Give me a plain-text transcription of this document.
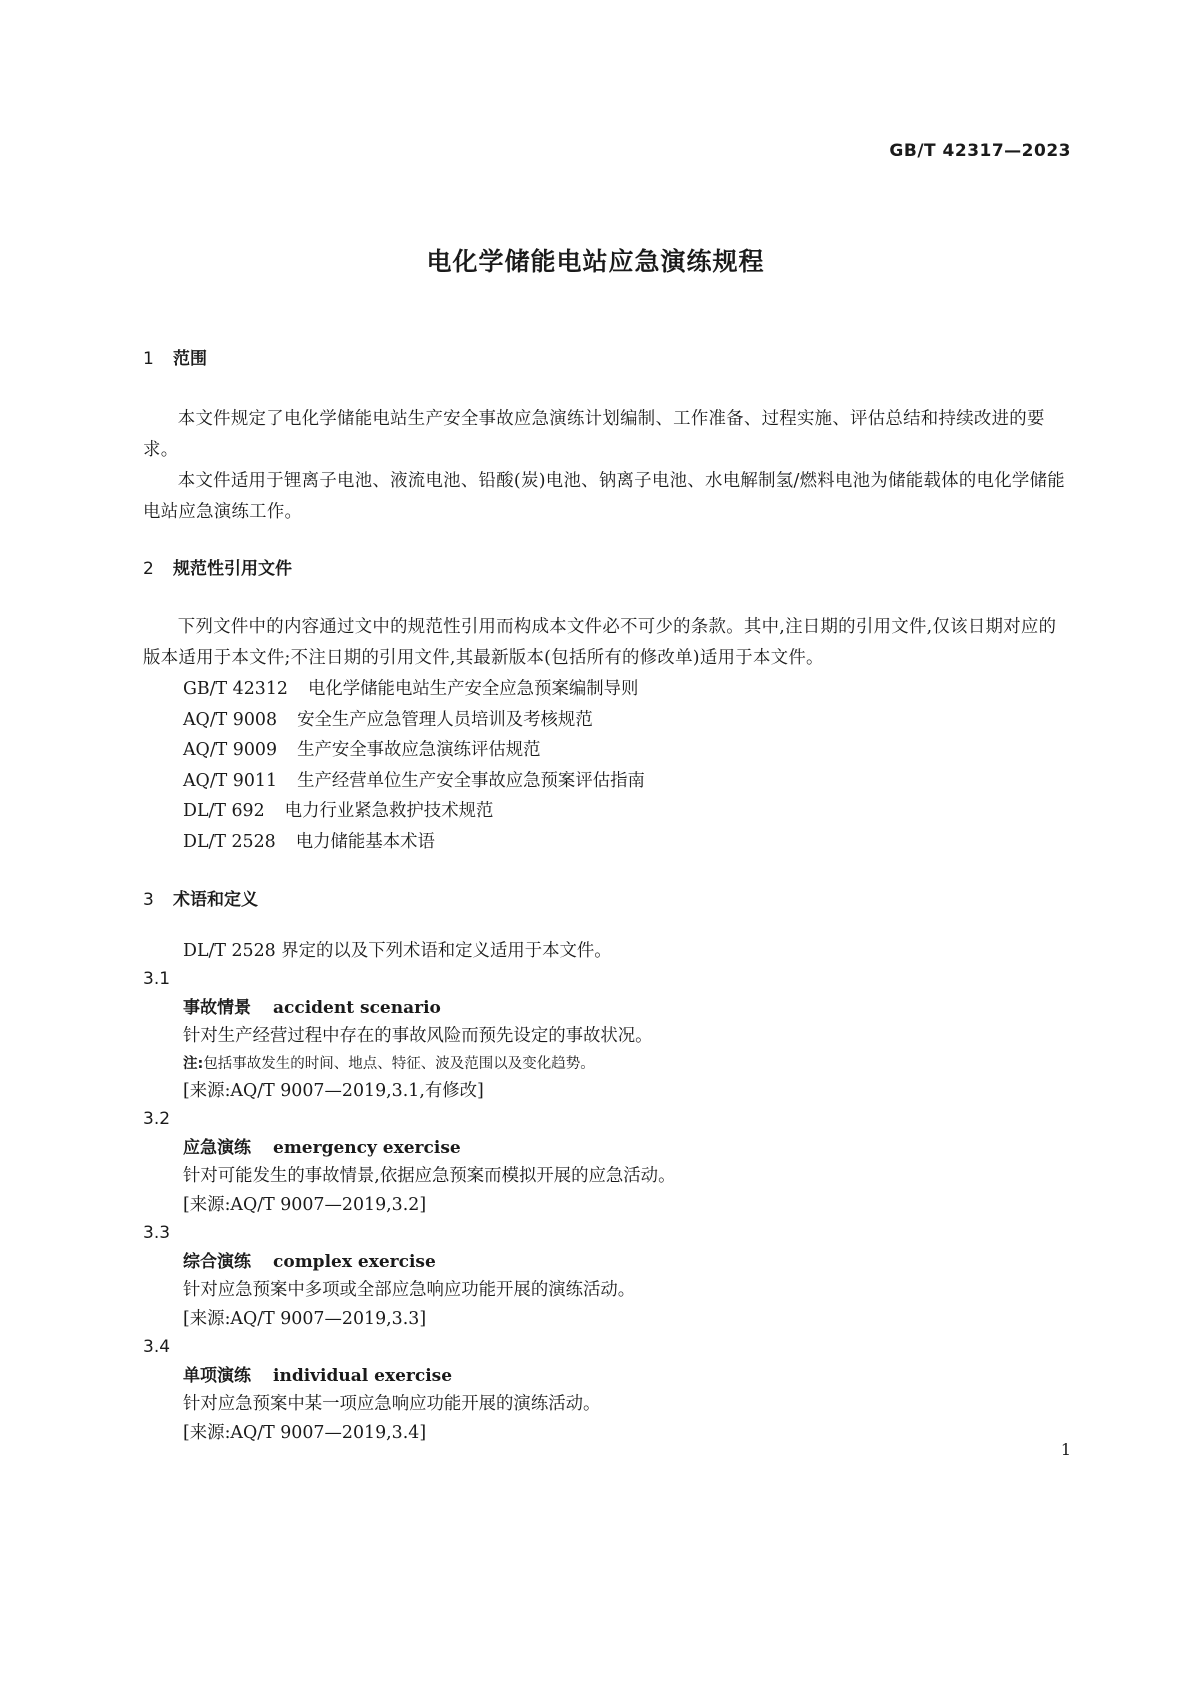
GB/T 42317—2023

电化学储能电站应急演练规程
1 范围

本文件规定了电化学储能电站生产安全事故应急演练计划编制、工作准备、过程实施、评估总结和持续改进的要求。

本文件适用于锂离子电池、液流电池、铅酸(炭)电池、钠离子电池、水电解制氢/燃料电池为储能载体的电化学储能电站应急演练工作。

2 规范性引用文件

下列文件中的内容通过文中的规范性引用而构成本文件必不可少的条款。其中,注日期的引用文件,仅该日期对应的版本适用于本文件;不注日期的引用文件,其最新版本(包括所有的修改单)适用于本文件。

GB/T 42312 电化学储能电站生产安全应急预案编制导则
AQ/T 9008 安全生产应急管理人员培训及考核规范
AQ/T 9009 生产安全事故应急演练评估规范
AQ/T 9011 生产经营单位生产安全事故应急预案评估指南
DL/T 692 电力行业紧急救护技术规范
DL/T 2528 电力储能基本术语
3 术语和定义

DL/T 2528 界定的以及下列术语和定义适用于本文件。

3.1

事故情景 accident scenario

针对生产经营过程中存在的事故风险而预先设定的事故状况。

注:包括事故发生的时间、地点、特征、波及范围以及变化趋势。

[来源:AQ/T 9007—2019,3.1,有修改]

3.2

应急演练 emergency exercise

针对可能发生的事故情景,依据应急预案而模拟开展的应急活动。

[来源:AQ/T 9007—2019,3.2]

3.3

综合演练 complex exercise

针对应急预案中多项或全部应急响应功能开展的演练活动。

[来源:AQ/T 9007—2019,3.3]

3.4

单项演练 individual exercise

针对应急预案中某一项应急响应功能开展的演练活动。

[来源:AQ/T 9007—2019,3.4]

1
